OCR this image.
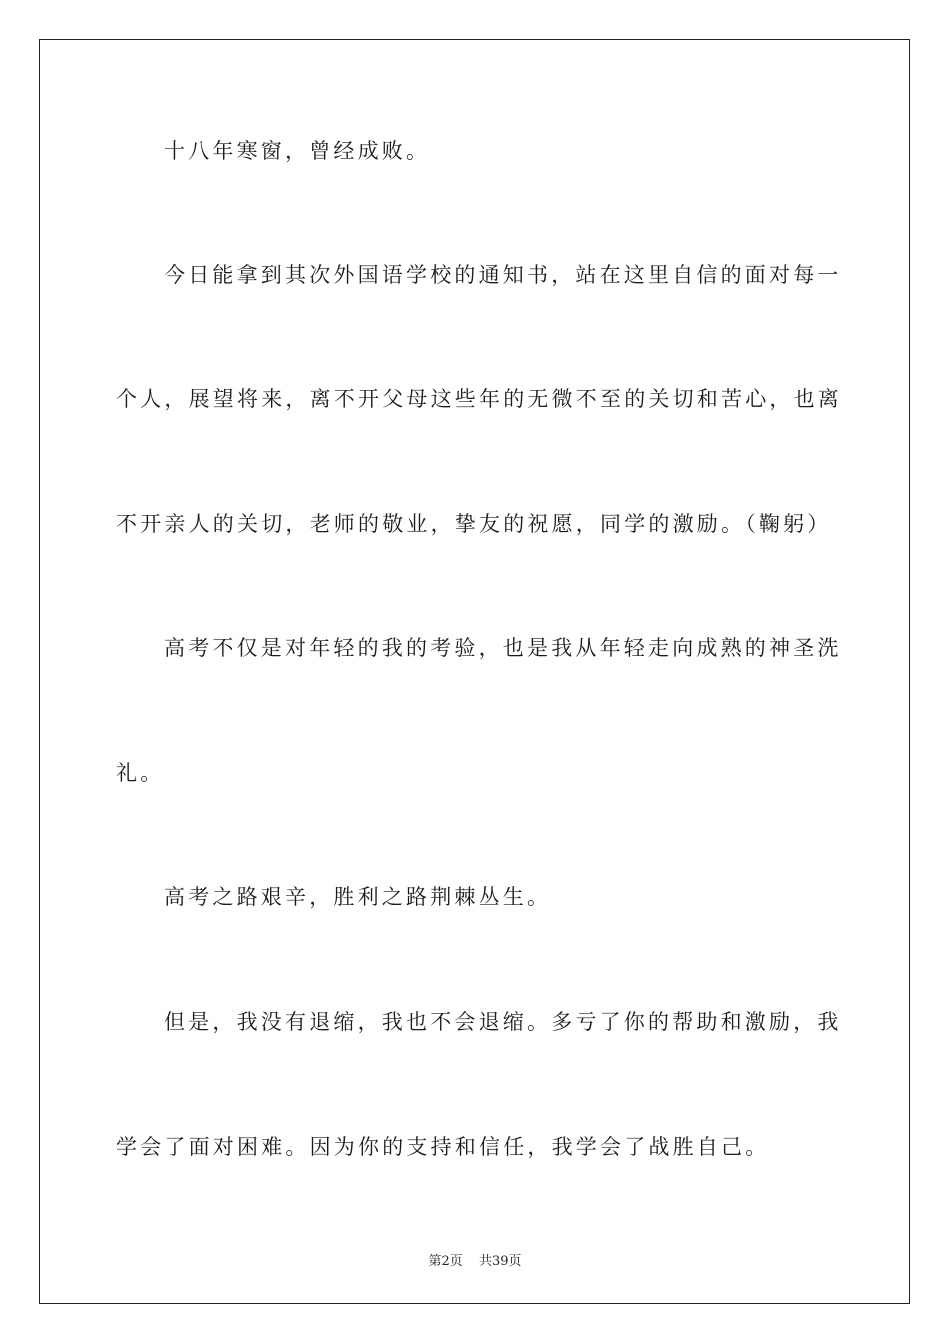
十八年寒窗，曾经成败。
今日能拿到其次外国语学校的通知书，站在这里自信的面对每一
个人，展望将来，离不开父母这些年的无微不至的关切和苦心，也离
不开亲人的关切，老师的敬业，挚友的祝愿，同学的激励。（鞠躬）
高考不仅是对年轻的我的考验，也是我从年轻走向成熟的神圣洗
礼。
高考之路艰辛，胜利之路荆棘丛生。
但是，我没有退缩，我也不会退缩。多亏了你的帮助和激励，我
学会了面对困难。因为你的支持和信任，我学会了战胜自己。
第2页 共39页
